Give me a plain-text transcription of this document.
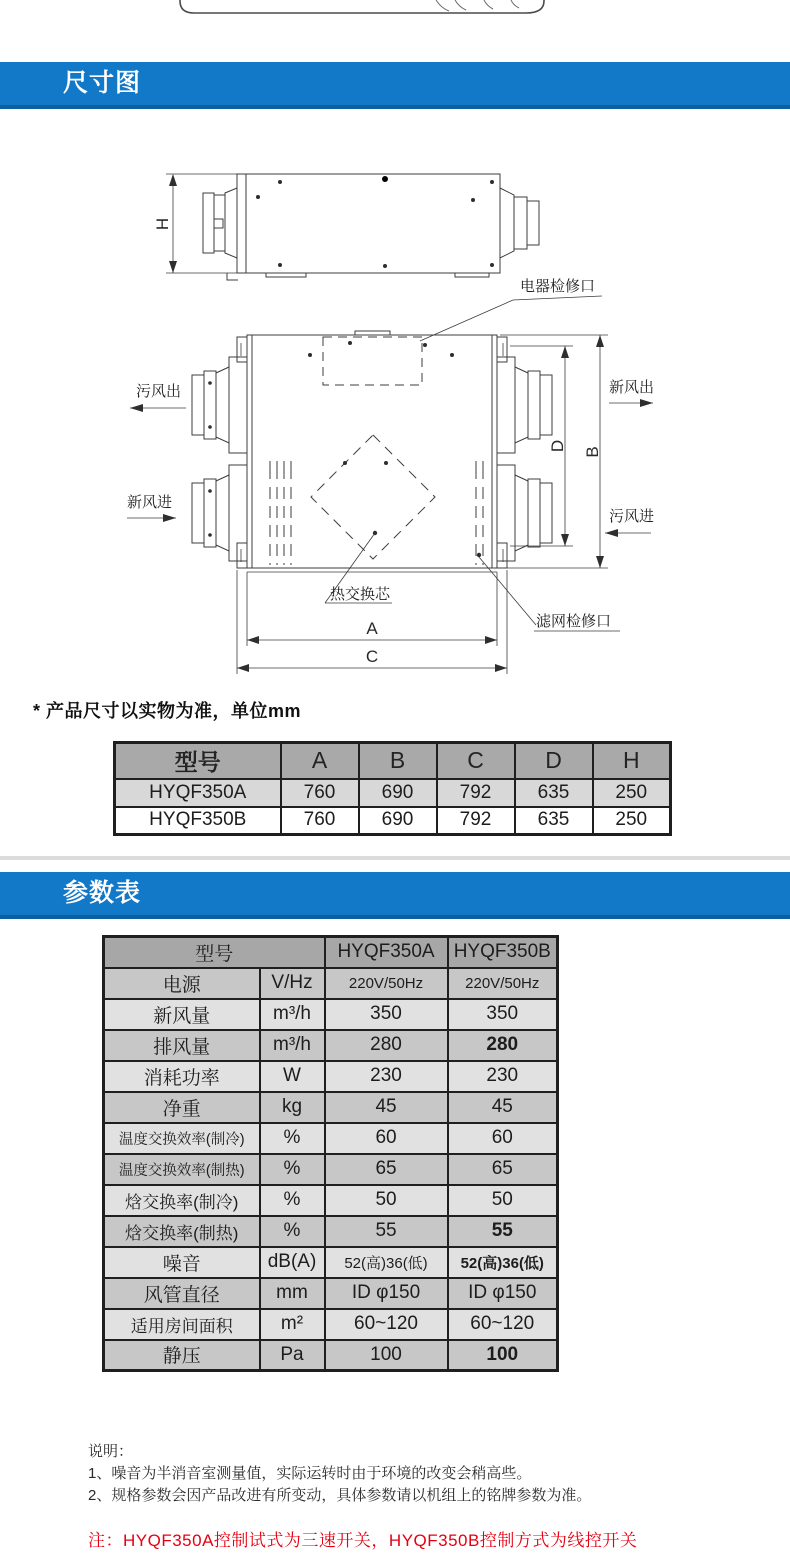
尺寸图
H
电器检修口
污风出
新风进
新风出
污风进
D B
A
C
热交换芯
滤网检修口
* 产品尺寸以实物为准，单位mm
型号	A	B	C	D	H
HYQF350A	760	690	792	635	250
HYQF350B	760	690	792	635	250
参数表
型号		HYQF350A	HYQF350B
电源	V/Hz	220V/50Hz	220V/50Hz
新风量	m³/h	350	350
排风量	m³/h	280	280
消耗功率	W	230	230
净重	kg	45	45
温度交换效率(制冷)	%	60	60
温度交换效率(制热)	%	65	65
焓交换率(制冷)	%	50	50
焓交换率(制热)	%	55	55
噪音	dB(A)	52(高)36(低)	52(高)36(低)
风管直径	mm	ID φ150	ID φ150
适用房间面积	m²	60~120	60~120
静压	Pa	100	100
说明：
1、噪音为半消音室测量值，实际运转时由于环境的改变会稍高些。
2、规格参数会因产品改进有所变动，具体参数请以机组上的铭牌参数为准。
注：HYQF350A控制试式为三速开关，HYQF350B控制方式为线控开关
